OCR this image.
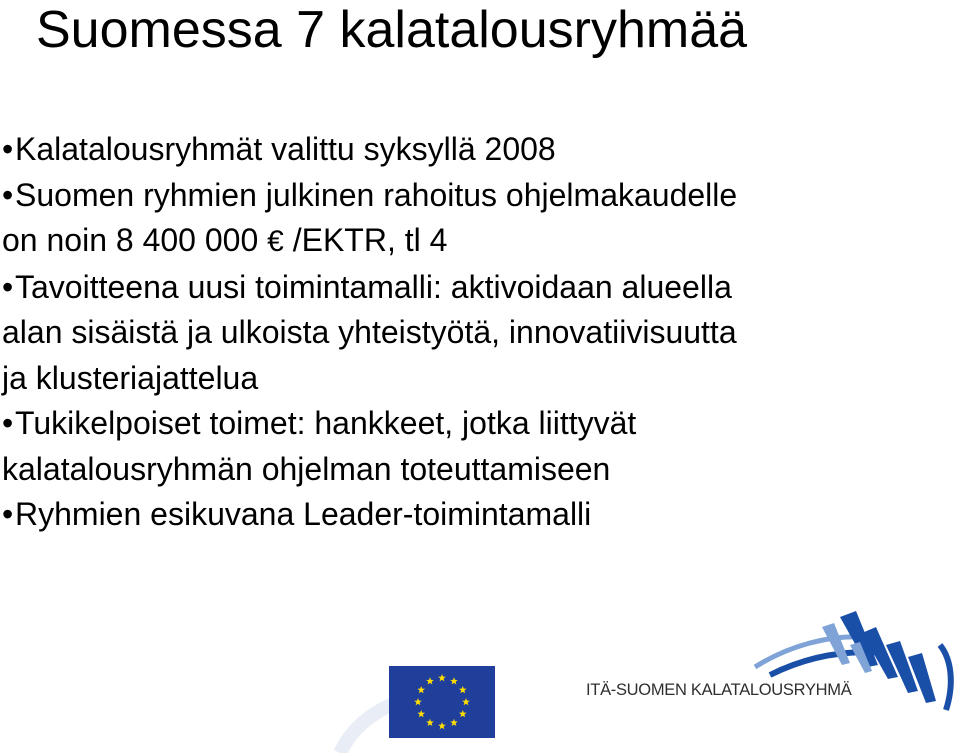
Suomessa 7 kalatalousryhmää
•Kalatalousryhmät valittu syksyllä 2008
•Suomen ryhmien julkinen rahoitus ohjelmakaudelle
on noin 8 400 000 € /EKTR, tl 4
•Tavoitteena uusi toimintamalli: aktivoidaan alueella
alan sisäistä ja ulkoista yhteistyötä, innovatiivisuutta
ja klusteriajattelua
•Tukikelpoiset toimet: hankkeet, jotka liittyvät
kalatalousryhmän ohjelman toteuttamiseen
•Ryhmien esikuvana Leader-toimintamalli
ITÄ-SUOMEN KALATALOUSRYHMÄ
